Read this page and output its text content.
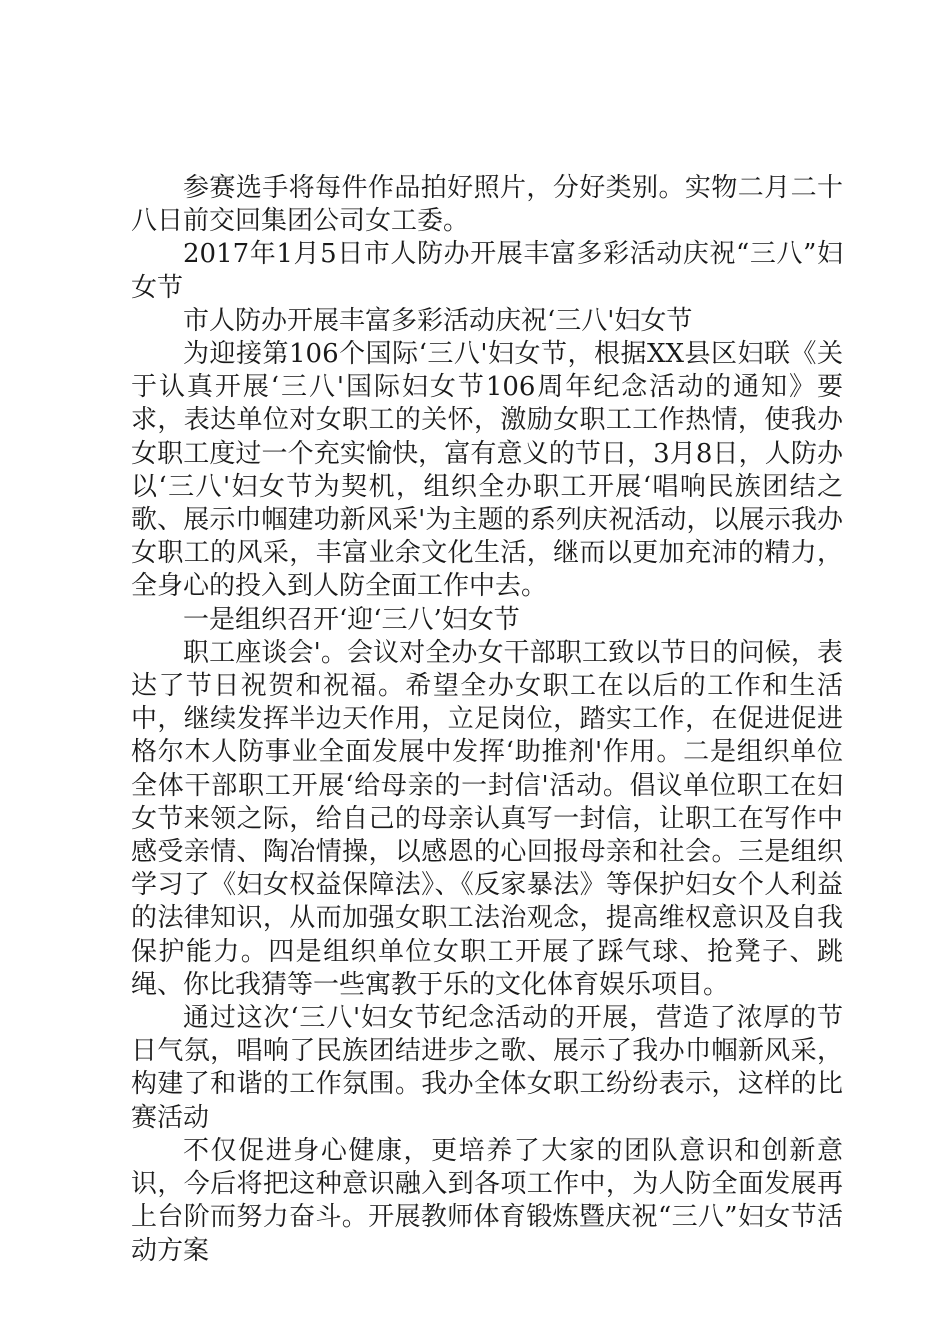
参赛选手将每件作品拍好照片，分好类别。实物二月二十八日前交回集团公司女工委。

2017年1月5日市人防办开展丰富多彩活动庆祝“三八”妇女节

市人防办开展丰富多彩活动庆祝‘三八'妇女节

为迎接第106个国际‘三八'妇女节，根据XX县区妇联《关于认真开展‘三八'国际妇女节106周年纪念活动的通知》要求，表达单位对女职工的关怀，激励女职工工作热情，使我办女职工度过一个充实愉快，富有意义的节日，3月8日，人防办以‘三八'妇女节为契机，组织全办职工开展‘唱响民族团结之歌、展示巾帼建功新风采'为主题的系列庆祝活动，以展示我办女职工的风采，丰富业余文化生活，继而以更加充沛的精力，全身心的投入到人防全面工作中去。

一是组织召开‘迎‘三八’妇女节

职工座谈会'。会议对全办女干部职工致以节日的问候，表达了节日祝贺和祝福。希望全办女职工在以后的工作和生活中，继续发挥半边天作用，立足岗位，踏实工作，在促进促进格尔木人防事业全面发展中发挥‘助推剂'作用。二是组织单位全体干部职工开展‘给母亲的一封信'活动。倡议单位职工在妇女节来领之际，给自己的母亲认真写一封信，让职工在写作中感受亲情、陶冶情操，以感恩的心回报母亲和社会。三是组织学习了《妇女权益保障法》、《反家暴法》等保护妇女个人利益的法律知识，从而加强女职工法治观念，提高维权意识及自我保护能力。四是组织单位女职工开展了踩气球、抢凳子、跳绳、你比我猜等一些寓教于乐的文化体育娱乐项目。

通过这次‘三八'妇女节纪念活动的开展，营造了浓厚的节日气氛，唱响了民族团结进步之歌、展示了我办巾帼新风采，构建了和谐的工作氛围。我办全体女职工纷纷表示，这样的比赛活动

不仅促进身心健康，更培养了大家的团队意识和创新意识，今后将把这种意识融入到各项工作中，为人防全面发展再上台阶而努力奋斗。开展教师体育锻炼暨庆祝“三八”妇女节活动方案
